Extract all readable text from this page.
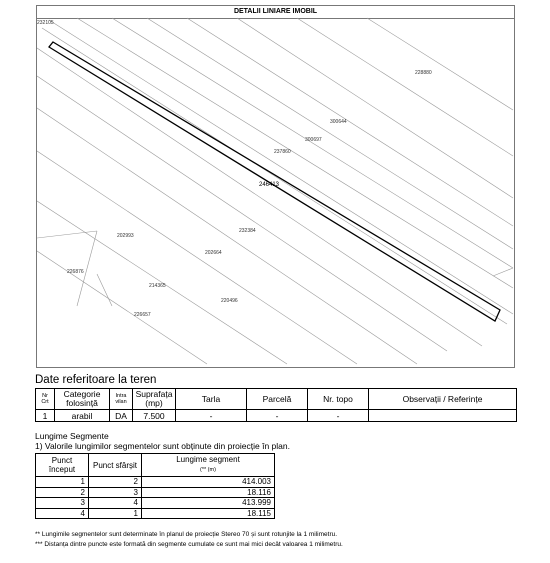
DETALII LINIARE IMOBIL
246413
232105
228880
300644
300697
237860
202993
232384
202664
226876
214365
226657
220496
Date referitoare la teren
Nr Crt	Categorie folosință	Intra vilan	Suprafața (mp)	Tarla	Parcelă	Nr. topo	Observații / Referințe
1	arabil	DA	7.500	-	-	-	
Lungime Segmente
1) Valorile lungimilor segmentelor sunt obținute din proiecție în plan.
Punct început	Punct sfârșit	Lungime segment
(** (m)
1	2	414.003
2	3	18.116
3	4	413.999
4	1	18.115
** Lungimile segmentelor sunt determinate în planul de proiecție Stereo 70 și sunt rotunjite la 1 milimetru.
*** Distanța dintre puncte este formată din segmente cumulate ce sunt mai mici decât valoarea 1 milimetru.
